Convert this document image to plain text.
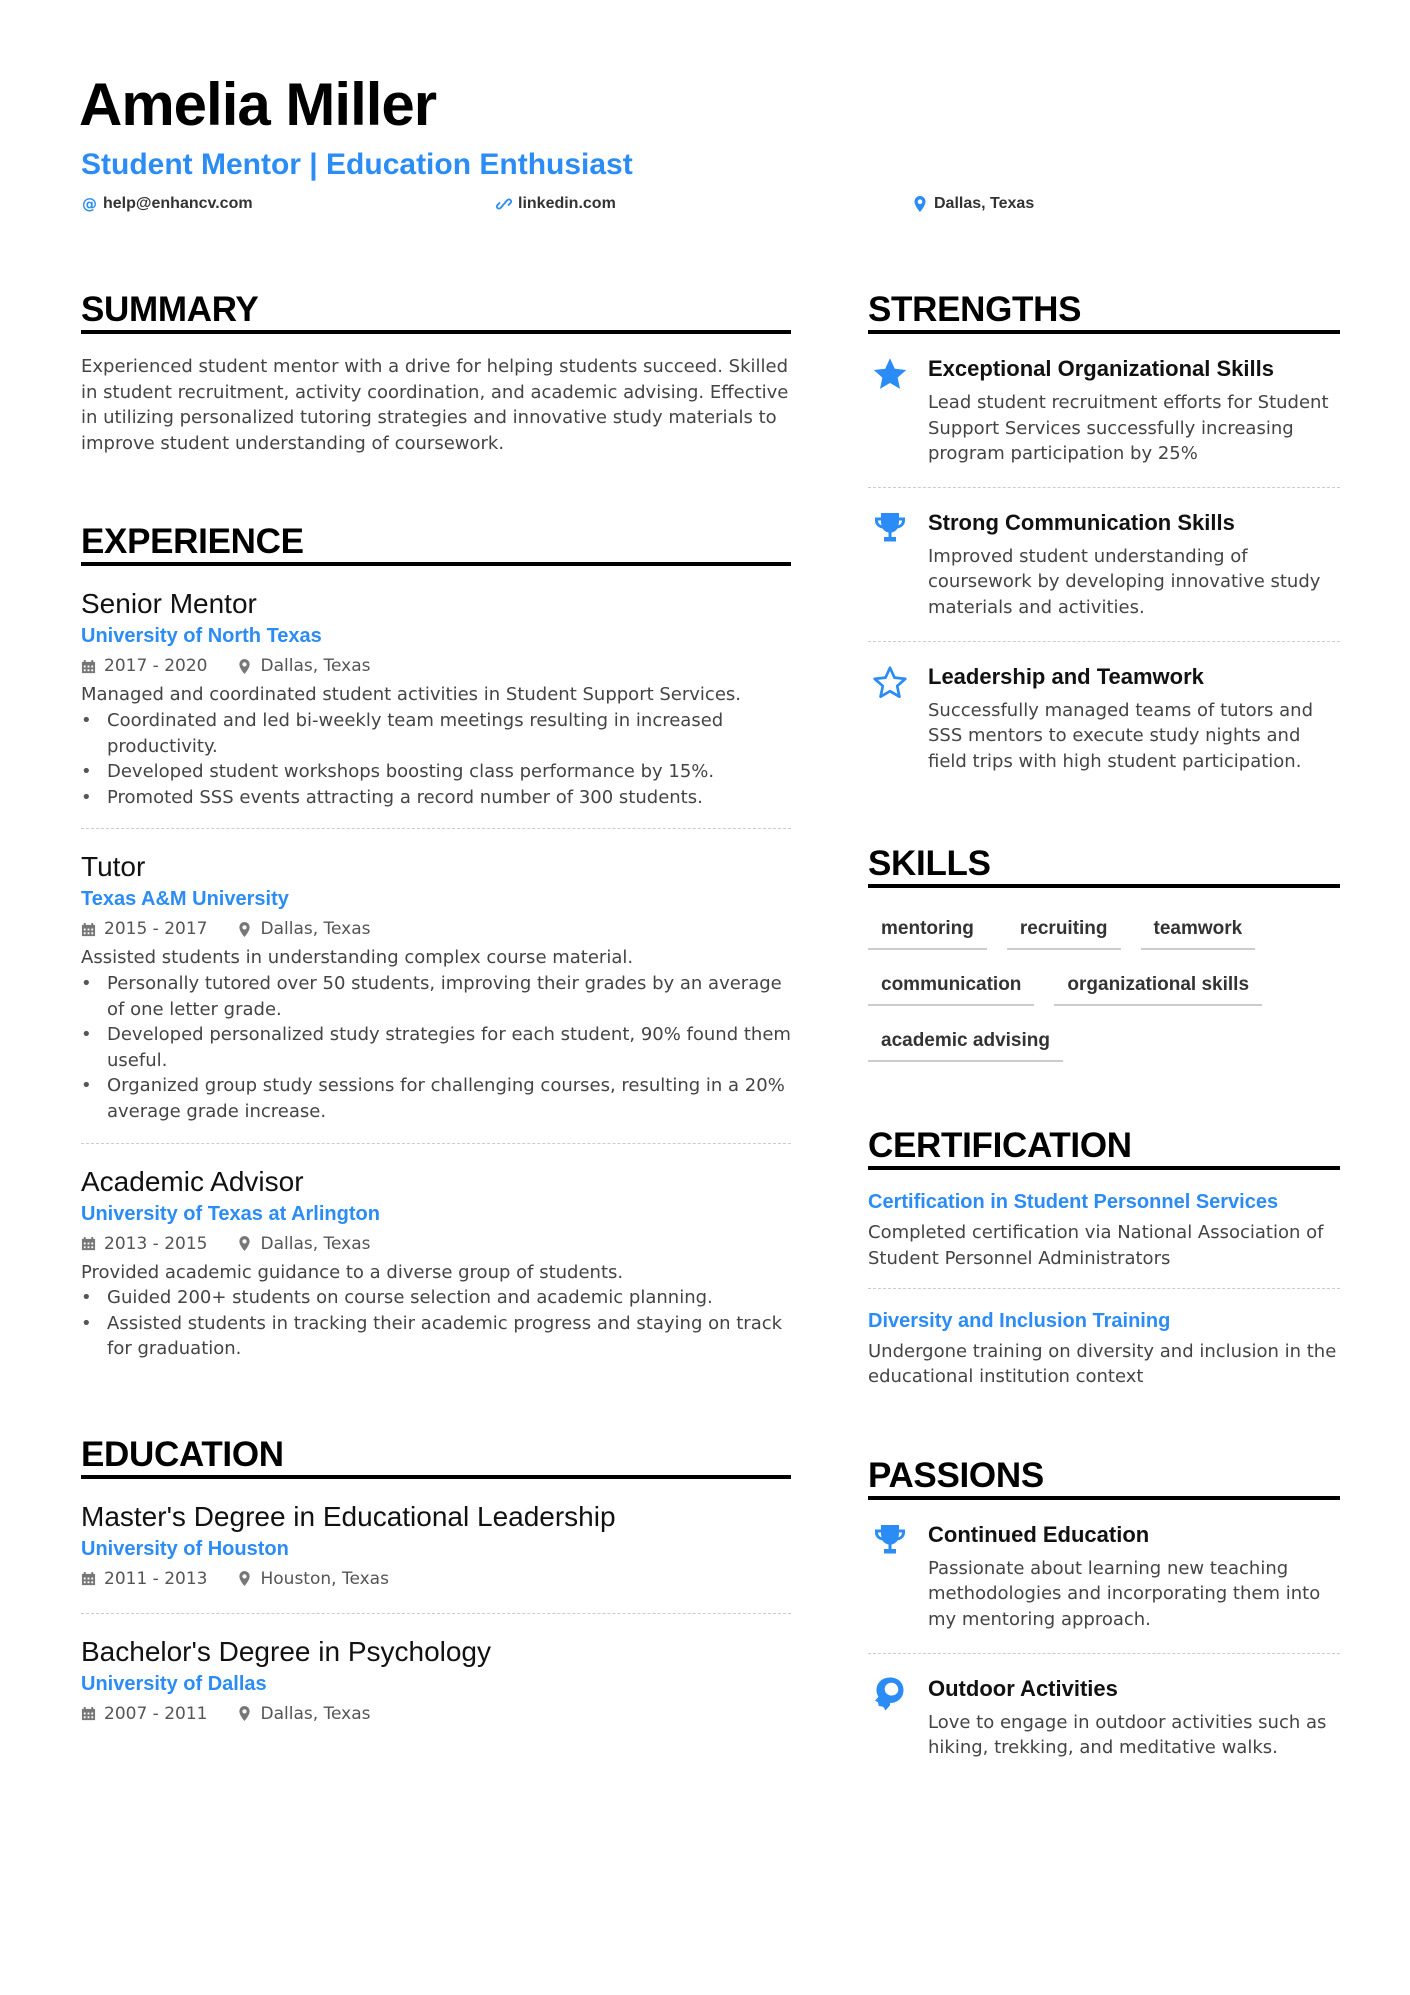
Amelia Miller
Student Mentor | Education Enthusiast
@ help@enhancv.com	linkedin.com	Dallas, Texas
SUMMARY

Experienced student mentor with a drive for helping students succeed. Skilled in student recruitment, activity coordination, and academic advising. Effective in utilizing personalized tutoring strategies and innovative study materials to improve student understanding of coursework.

EXPERIENCE
Senior Mentor
University of North Texas
2017 - 2020	Dallas, Texas

Managed and coordinated student activities in Student Support Services.

• Coordinated and led bi-weekly team meetings resulting in increased productivity.
• Developed student workshops boosting class performance by 15%.
• Promoted SSS events attracting a record number of 300 students.
Tutor
Texas A&M University
2015 - 2017	Dallas, Texas

Assisted students in understanding complex course material.

• Personally tutored over 50 students, improving their grades by an average of one letter grade.
• Developed personalized study strategies for each student, 90% found them useful.
• Organized group study sessions for challenging courses, resulting in a 20% average grade increase.
Academic Advisor
University of Texas at Arlington
2013 - 2015	Dallas, Texas

Provided academic guidance to a diverse group of students.

• Guided 200+ students on course selection and academic planning.
• Assisted students in tracking their academic progress and staying on track for graduation.
EDUCATION
Master's Degree in Educational Leadership
University of Houston
2011 - 2013	Houston, Texas
Bachelor's Degree in Psychology
University of Dallas
2007 - 2011	Dallas, Texas
STRENGTHS
Exceptional Organizational Skills

Lead student recruitment efforts for Student Support Services successfully increasing program participation by 25%

Strong Communication Skills

Improved student understanding of coursework by developing innovative study materials and activities.

Leadership and Teamwork

Successfully managed teams of tutors and SSS mentors to execute study nights and field trips with high student participation.

SKILLS
mentoring	recruiting	teamwork
communication	organizational skills
academic advising
CERTIFICATION
Certification in Student Personnel Services

Completed certification via National Association of Student Personnel Administrators

Diversity and Inclusion Training

Undergone training on diversity and inclusion in the educational institution context

PASSIONS
Continued Education

Passionate about learning new teaching methodologies and incorporating them into my mentoring approach.

Outdoor Activities

Love to engage in outdoor activities such as hiking, trekking, and meditative walks.
